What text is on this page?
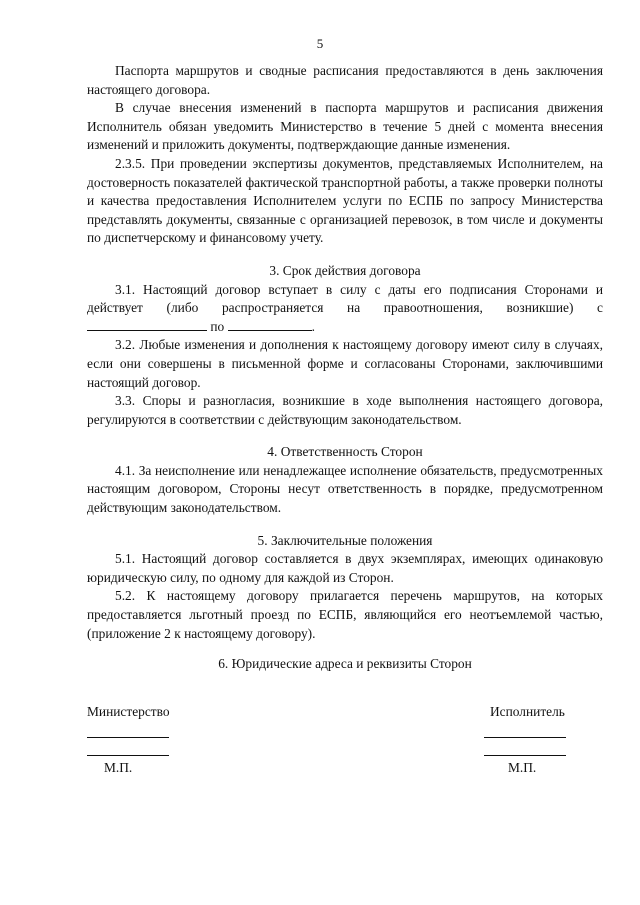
5

Паспорта маршрутов и сводные расписания предоставляются в день заключения настоящего договора.

В случае внесения изменений в паспорта маршрутов и расписания движения Исполнитель обязан уведомить Министерство в течение 5 дней с момента внесения изменений и приложить документы, подтверждающие данные изменения.

2.3.5. При проведении экспертизы документов, представляемых Исполнителем, на достоверность показателей фактической транспортной работы, а также проверки полноты и качества предоставления Исполнителем услуги по ЕСПБ по запросу Министерства представлять документы, связанные с организацией перевозок, в том числе и документы по диспетчерскому и финансовому учету.

3. Срок действия договора

3.1. Настоящий договор вступает в силу с даты его подписания Сторонами и действует (либо распространяется на правоотношения, возникшие) с  по	.

3.2. Любые изменения и дополнения к настоящему договору имеют силу в случаях, если они совершены в письменной форме и согласованы Сторонами, заключившими настоящий договор.

3.3. Споры и разногласия, возникшие в ходе выполнения настоящего договора, регулируются в соответствии с действующим законодательством.

4. Ответственность Сторон

4.1. За неисполнение или ненадлежащее исполнение обязательств, предусмотренных настоящим договором, Стороны несут ответственность в порядке, предусмотренном действующим законодательством.

5. Заключительные положения

5.1. Настоящий договор составляется в двух экземплярах, имеющих одинаковую юридическую силу, по одному для каждой из Сторон.

5.2. К настоящему договору прилагается перечень маршрутов, на которых предоставляется льготный проезд по ЕСПБ, являющийся его неотъемлемой частью, (приложение 2 к настоящему договору).

6. Юридические адреса и реквизиты Сторон

Министерство	Исполнитель
М.П.	М.П.
